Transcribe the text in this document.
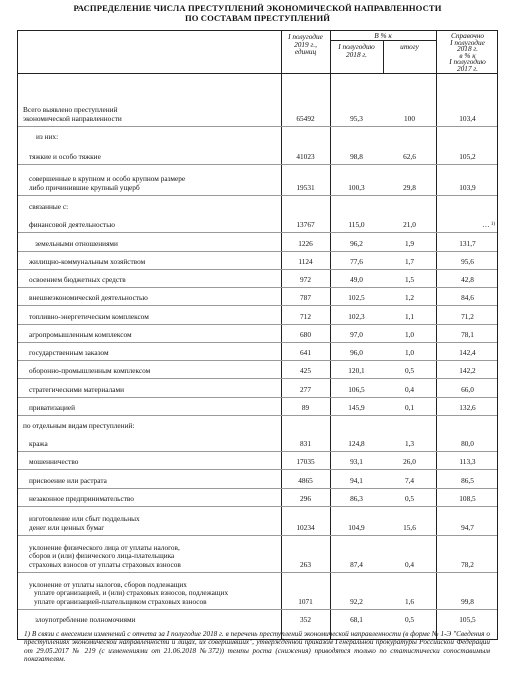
РАСПРЕДЕЛЕНИЕ ЧИСЛА ПРЕСТУПЛЕНИЙ ЭКОНОМИЧЕСКОЙ НАПРАВЛЕННОСТИ
ПО СОСТАВАМ ПРЕСТУПЛЕНИЙ
I полугодие
2019 г.,
единиц
В % к
I полугодию
2018 г.
итогу
Справочно
I полугодие
2018 г.
в % к
I полугодию
2017 г.
Всего выявлено преступлений
экономической направленности	65492	95,3	100	103,4
из них:
тяжкие и особо тяжкие	41023	98,8	62,6	105,2
совершенные в крупном и особо крупном размере
либо причинившие крупный ущерб	19531	100,3	29,8	103,9
связанные с:
финансовой деятельностью	13767	115,0	21,0	… $^{1)}$
земельными отношениями	1226	96,2	1,9	131,7
жилищно-коммунальным хозяйством	1124	77,6	1,7	95,6
освоением бюджетных средств	972	49,0	1,5	42,8
внешнеэкономической деятельностью	787	102,5	1,2	84,6
топливно-энергетическим комплексом	712	102,3	1,1	71,2
агропромышленным комплексом	680	97,0	1,0	78,1
государственным заказом	641	96,0	1,0	142,4
оборонно-промышленным комплексом	425	120,1	0,5	142,2
стратегическими материалами	277	106,5	0,4	66,0
приватизацией	89	145,9	0,1	132,6
по отдельным видам преступлений:
кража	831	124,8	1,3	80,0
мошенничество	17035	93,1	26,0	113,3
присвоение или растрата	4865	94,1	7,4	86,5
незаконное предпринимательство	296	86,3	0,5	108,5
изготовление или сбыт поддельных
денег или ценных бумаг	10234	104,9	15,6	94,7
уклонение физического лица от уплаты налогов,
сборов и (или) физического лица-плательщика
страховых взносов от уплаты страховых взносов	263	87,4	0,4	78,2
уклонение от уплаты налогов, сборов подлежащих
уплате организацией, и (или) страховых взносов, подлежащих
уплате организацией-плательщиком страховых взносов	1071	92,2	1,6	99,8
злоупотребление полномочиями	352	68,1	0,5	105,5
1) В связи с внесением изменений с отчета за I полугодие 2018 г. в перечень преступлений экономической направленности (в форме № 1-Э "Сведения о преступлениях экономической направленности и лицах, их совершивших", утвержденной приказом Генеральной прокуратуры Российской Федерации от 29.05.2017 № 219 (с изменениями от 21.06.2018 №372)) темпы роста (снижения) приводятся только по статистически сопоставимым показателям.
